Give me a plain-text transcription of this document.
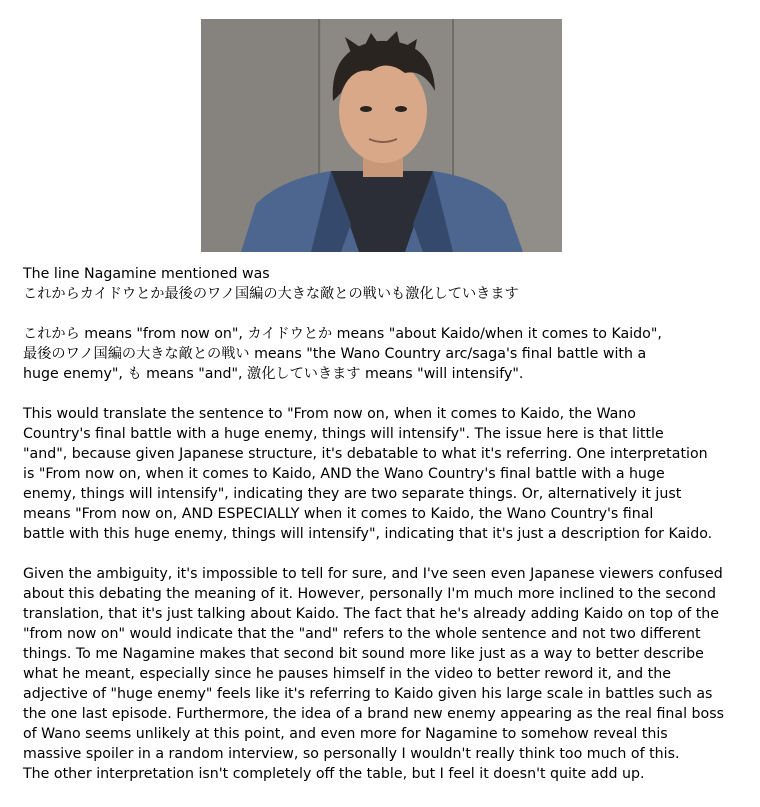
The line Nagamine mentioned was
これからカイドウとか最後のワノ国編の大きな敵との戦いも激化していきます
これから means "from now on", カイドウとか means "about Kaido/when it comes to Kaido",
最後のワノ国編の大きな敵との戦い means "the Wano Country arc/saga's final battle with a
huge enemy", も means "and", 激化していきます means "will intensify".
This would translate the sentence to "From now on, when it comes to Kaido, the Wano
Country's final battle with a huge enemy, things will intensify". The issue here is that little
"and", because given Japanese structure, it's debatable to what it's referring. One interpretation
is "From now on, when it comes to Kaido, AND the Wano Country's final battle with a huge
enemy, things will intensify", indicating they are two separate things. Or, alternatively it just
means "From now on, AND ESPECIALLY when it comes to Kaido, the Wano Country's final
battle with this huge enemy, things will intensify", indicating that it's just a description for Kaido.
Given the ambiguity, it's impossible to tell for sure, and I've seen even Japanese viewers confused
about this debating the meaning of it. However, personally I'm much more inclined to the second
translation, that it's just talking about Kaido. The fact that he's already adding Kaido on top of the
"from now on" would indicate that the "and" refers to the whole sentence and not two different
things. To me Nagamine makes that second bit sound more like just as a way to better describe
what he meant, especially since he pauses himself in the video to better reword it, and the
adjective of "huge enemy" feels like it's referring to Kaido given his large scale in battles such as
the one last episode. Furthermore, the idea of a brand new enemy appearing as the real final boss
of Wano seems unlikely at this point, and even more for Nagamine to somehow reveal this
massive spoiler in a random interview, so personally I wouldn't really think too much of this.
The other interpretation isn't completely off the table, but I feel it doesn't quite add up.
